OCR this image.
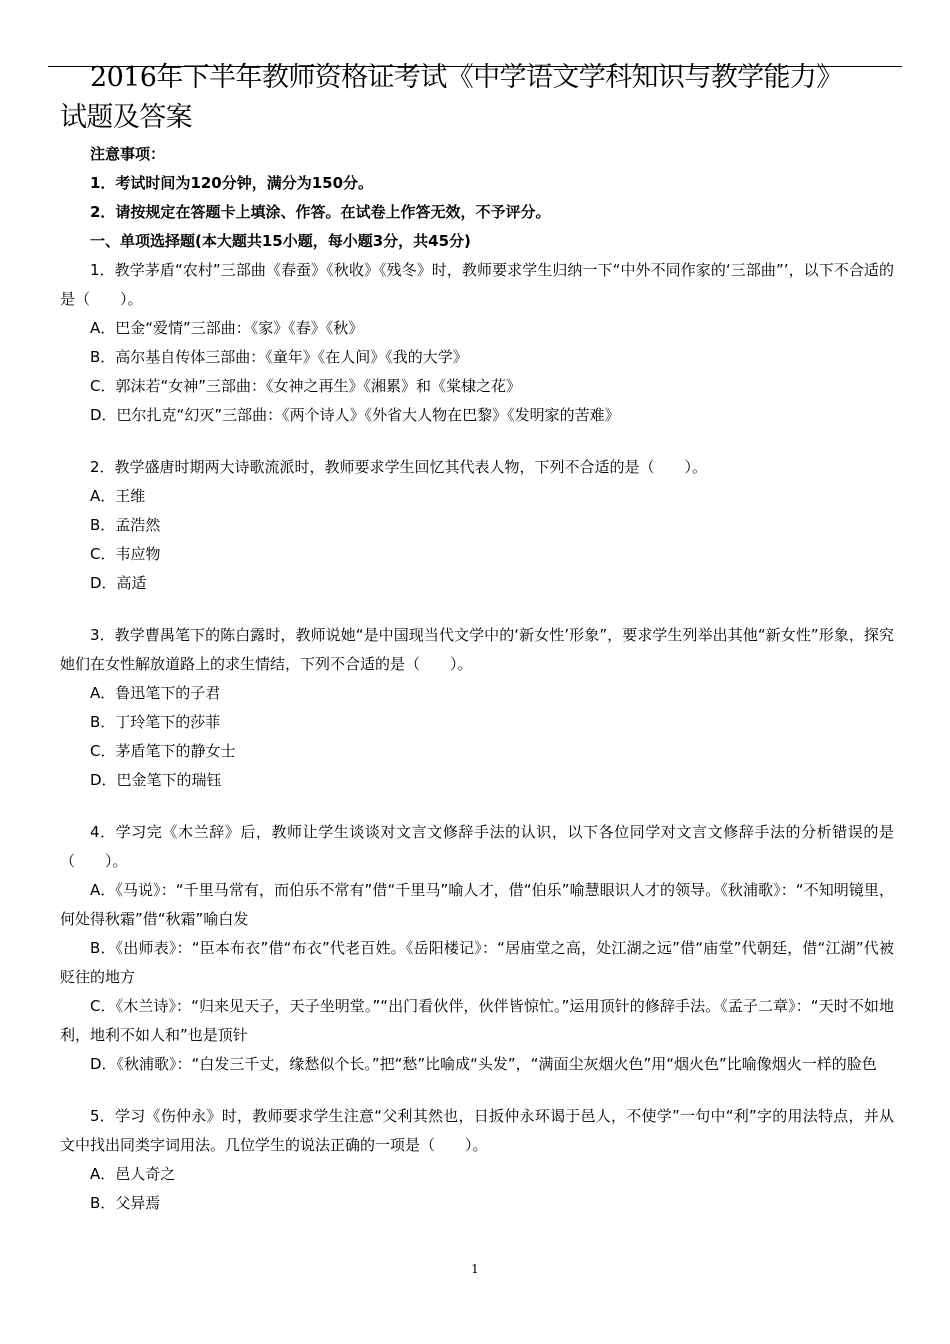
2016年下半年教师资格证考试《中学语文学科知识与教学能力》
试题及答案

注意事项：

1．考试时间为120分钟，满分为150分。

2．请按规定在答题卡上填涂、作答。在试卷上作答无效，不予评分。

一、单项选择题(本大题共15小题，每小题3分，共45分)

1．教学茅盾“农村”三部曲《春蚕》《秋收》《残冬》时，教师要求学生归纳一下“中外不同作家的‘三部曲”’，以下不合适的是（　　）。

A．巴金“爱情”三部曲：《家》《春》《秋》

B．高尔基自传体三部曲：《童年》《在人间》《我的大学》

C．郭沫若“女神”三部曲：《女神之再生》《湘累》和《棠棣之花》

D．巴尔扎克“幻灭”三部曲：《两个诗人》《外省大人物在巴黎》《发明家的苦难》

2．教学盛唐时期两大诗歌流派时，教师要求学生回忆其代表人物，下列不合适的是（　　）。

A．王维

B．孟浩然

C．韦应物

D．高适

3．教学曹禺笔下的陈白露时，教师说她“是中国现当代文学中的‘新女性’形象”，要求学生列举出其他“新女性”形象，探究她们在女性解放道路上的求生情结，下列不合适的是（　　）。

A．鲁迅笔下的子君

B．丁玲笔下的莎菲

C．茅盾笔下的静女士

D．巴金笔下的瑞钰

4．学习完《木兰辞》后，教师让学生谈谈对文言文修辞手法的认识，以下各位同学对文言文修辞手法的分析错误的是（　　）。

A．《马说》：“千里马常有，而伯乐不常有”借“千里马”喻人才，借“伯乐”喻慧眼识人才的领导。《秋浦歌》：“不知明镜里，何处得秋霜”借“秋霜”喻白发

B．《出师表》：“臣本布衣”借“布衣”代老百姓。《岳阳楼记》：“居庙堂之高，处江湖之远”借“庙堂”代朝廷，借“江湖”代被贬往的地方

C．《木兰诗》：“归来见天子，天子坐明堂。”“出门看伙伴，伙伴皆惊忙。”运用顶针的修辞手法。《孟子二章》：“天时不如地利，地利不如人和”也是顶针

D．《秋浦歌》：“白发三千丈，缘愁似个长。”把“愁”比喻成“头发”，“满面尘灰烟火色”用“烟火色”比喻像烟火一样的脸色

5．学习《伤仲永》时，教师要求学生注意“父利其然也，日扳仲永环谒于邑人，不使学”一句中“利”字的用法特点，并从文中找出同类字词用法。几位学生的说法正确的一项是（　　）。

A．邑人奇之

B．父异焉

1
